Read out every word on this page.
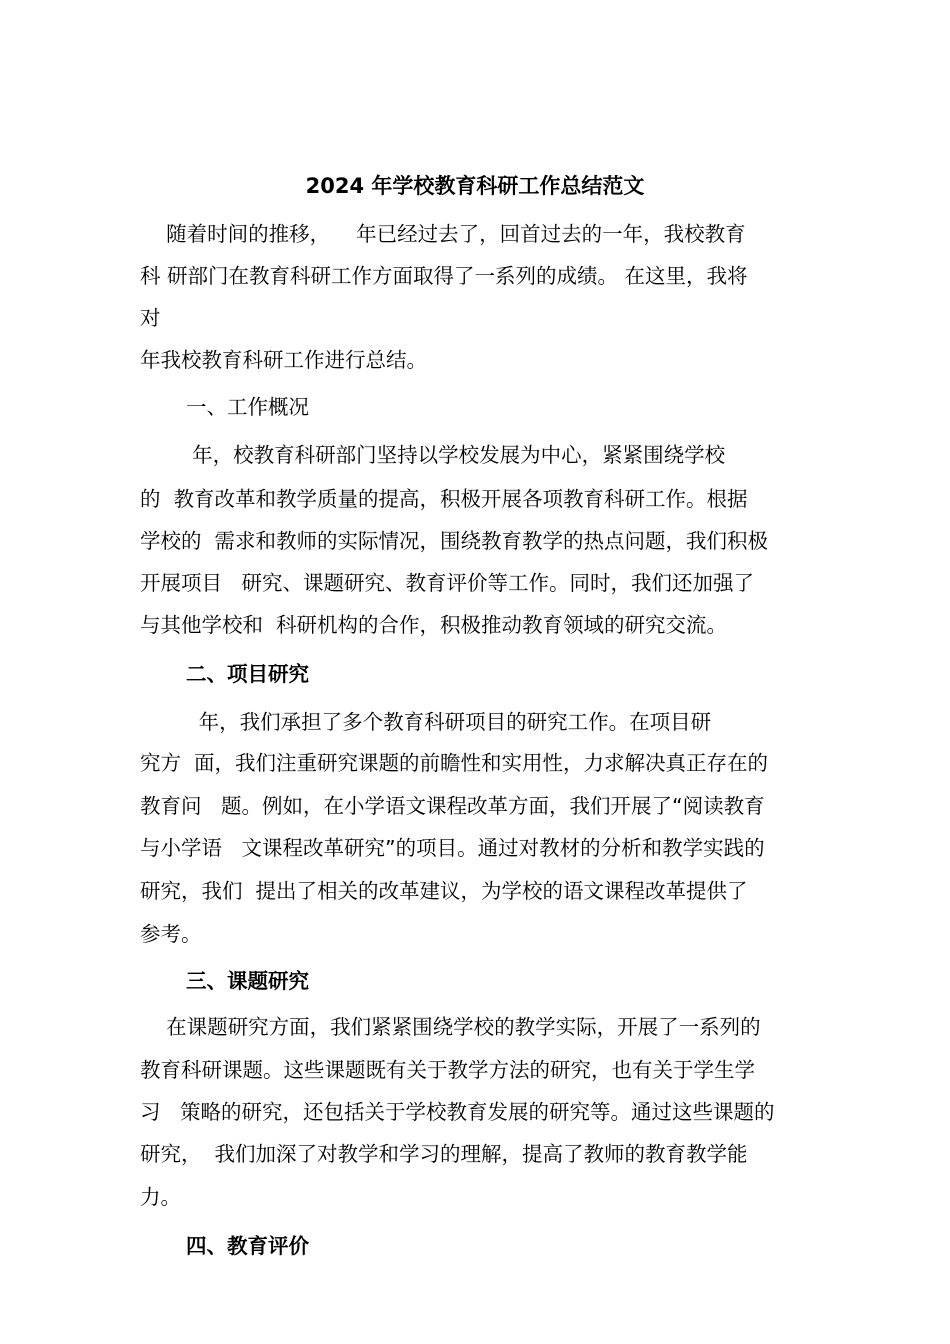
2024 年学校教育科研工作总结范文

随着时间的推移，    年已经过去了，回首过去的一年，我校教育

科 研部门在教育科研工作方面取得了一系列的成绩。 在这里，我将

对

年我校教育科研工作进行总结。

一、工作概况

年，校教育科研部门坚持以学校发展为中心，紧紧围绕学校

的  教育改革和教学质量的提高，积极开展各项教育科研工作。根据

学校的  需求和教师的实际情况，围绕教育教学的热点问题，我们积极

开展项目   研究、课题研究、教育评价等工作。同时，我们还加强了

与其他学校和  科研机构的合作，积极推动教育领域的研究交流。

二、项目研究

年，我们承担了多个教育科研项目的研究工作。在项目研

究方  面，我们注重研究课题的前瞻性和实用性，力求解决真正存在的

教育问   题。例如，在小学语文课程改革方面，我们开展了“阅读教育

与小学语   文课程改革研究”的项目。通过对教材的分析和教学实践的

研究，我们  提出了相关的改革建议，为学校的语文课程改革提供了

参考。

三、课题研究

在课题研究方面，我们紧紧围绕学校的教学实际，开展了一系列的

教育科研课题。这些课题既有关于教学方法的研究，也有关于学生学

习   策略的研究，还包括关于学校教育发展的研究等。通过这些课题的

研究，  我们加深了对教学和学习的理解，提高了教师的教育教学能

力。

四、教育评价
